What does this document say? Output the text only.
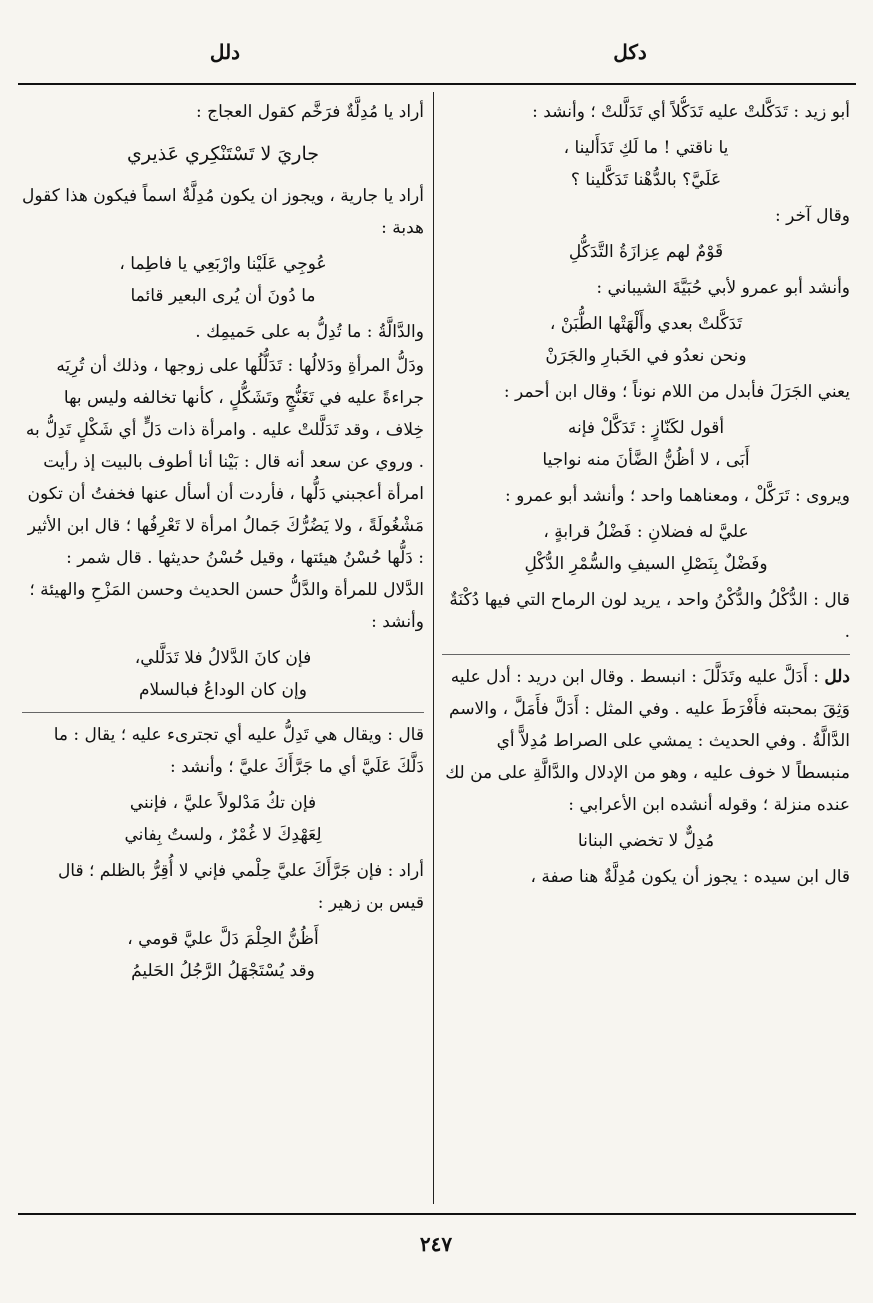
دكل
دلل

أبو زيد : تَدَكَّلتْ عليه تَدَكُّلاً أي تَدَلَّلتْ ؛ وأنشد :

يا ناقتي ! ما لَكِ تَدَأَلينا ،
عَلَيَّ؟ بالدُّهْنا تَدَكَّلينا ؟

وقال آخر :

قَوْمٌ لهم عِزازَةُ التَّدَكُّلِ

وأنشد أبو عمرو لأبي حُبَيَّةَ الشيباني :

تَدَكَّلتْ بعدي وأَلْهَتْها الطُّبَنْ ،
ونحن نعدُو في الخَبارِ والجَرَنْ

يعني الجَرَلَ فأبدل من اللام نوناً ؛ وقال ابن أحمر :

أقول لكَنّازٍ : تَدَكَّلْ فإنه
أَبَى ، لا أظُنُّ الضَّأنَ منه نواجيا

ويروى : تَرَكَّلْ ، ومعناهما واحد ؛ وأنشد أبو عمرو :

عليَّ له فضلانِ : فَضْلُ قرابةٍ ،
وفَضْلٌ بِنَصْلِ السيفِ والسُّمْرِ الدُّكْلِ

قال : الدُّكْلُ والدُّكْنُ واحد ، يريد لون الرماح التي فيها دُكْنَةٌ .

دلل : أَدَلَّ عليه وتَدَلَّلَ : انبسط . وقال ابن دريد : أدل عليه وَثِقَ بمحبته فأَفْرَطَ عليه . وفي المثل : أَدَلَّ فأَمَلَّ ، والاسم الدَّالَّةُ . وفي الحديث : يمشي على الصراط مُدِلاًّ أي منبسطاً لا خوف عليه ، وهو من الإدلال والدَّالَّةِ على من لك عنده منزلة ؛ وقوله أنشده ابن الأعرابي :

مُدِلٌّ لا تخضي البنانا

قال ابن سيده : يجوز أن يكون مُدِلَّةٌ هنا صفة ،

أراد يا مُدِلَّةٌ فرَخَّم كقول العجاج :

جاريَ لا تَسْتَنْكِري عَذيري

أراد يا جارية ، ويجوز ان يكون مُدِلَّةٌ اسماً فيكون هذا كقول هدبة :

عُوجِي عَلَيْنا وارْبَعِي يا فاطِما ،
ما دُونَ أن يُرى البعير قائما

والدَّالَّةُ : ما تُدِلُّ به على حَميمِك .

ودَلُّ المرأةِ ودَلالُها : تَدَلُّلُها على زوجها ، وذلك أن تُرِيَه جراءةً عليه في تَغَنُّجٍ وتَشَكُّلٍ ، كأنها تخالفه وليس بها خِلاف ، وقد تَدَلَّلتْ عليه . وامرأة ذات دَلٍّ أي شَكْلٍ تَدِلُّ به . وروي عن سعد أنه قال : بَيْنا أنا أطوف بالبيت إذ رأيت امرأة أعجبني دَلُّها ، فأردت أن أسأل عنها فخفتُ أن تكون مَشْغُولَةً ، ولا يَضُرُّكَ جَمالُ امرأة لا تَعْرِفُها ؛ قال ابن الأثير : دَلُّها حُسْنُ هيئتها ، وقيل حُسْنُ حديثها . قال شمر : الدَّلال للمرأة والدَّلُّ حسن الحديث وحسن المَزْحِ والهيئة ؛ وأنشد :

فإن كانَ الدَّلالُ فلا تَدَلَّلي،
وإن كان الوداعُ فبالسلام

قال : ويقال هي تَدِلُّ عليه أي تجترىء عليه ؛ يقال : ما دَلَّكَ عَلَيَّ أي ما جَرَّأَكَ عليَّ ؛ وأنشد :

فإن تكُ مَدْلولاً عليَّ ، فإنني
لِعَهْدِكَ لا غُمْرٌ ، ولستُ بِفاني

أراد : فإن جَرَّأَكَ عليَّ حِلْمي فإني لا أُقِرُّ بالظلم ؛ قال قيس بن زهير :

أَظُنُّ الحِلْمَ دَلَّ عليَّ قومي ،
وقد يُسْتَجْهَلُ الرَّجُلُ الحَليمُ
٢٤٧
